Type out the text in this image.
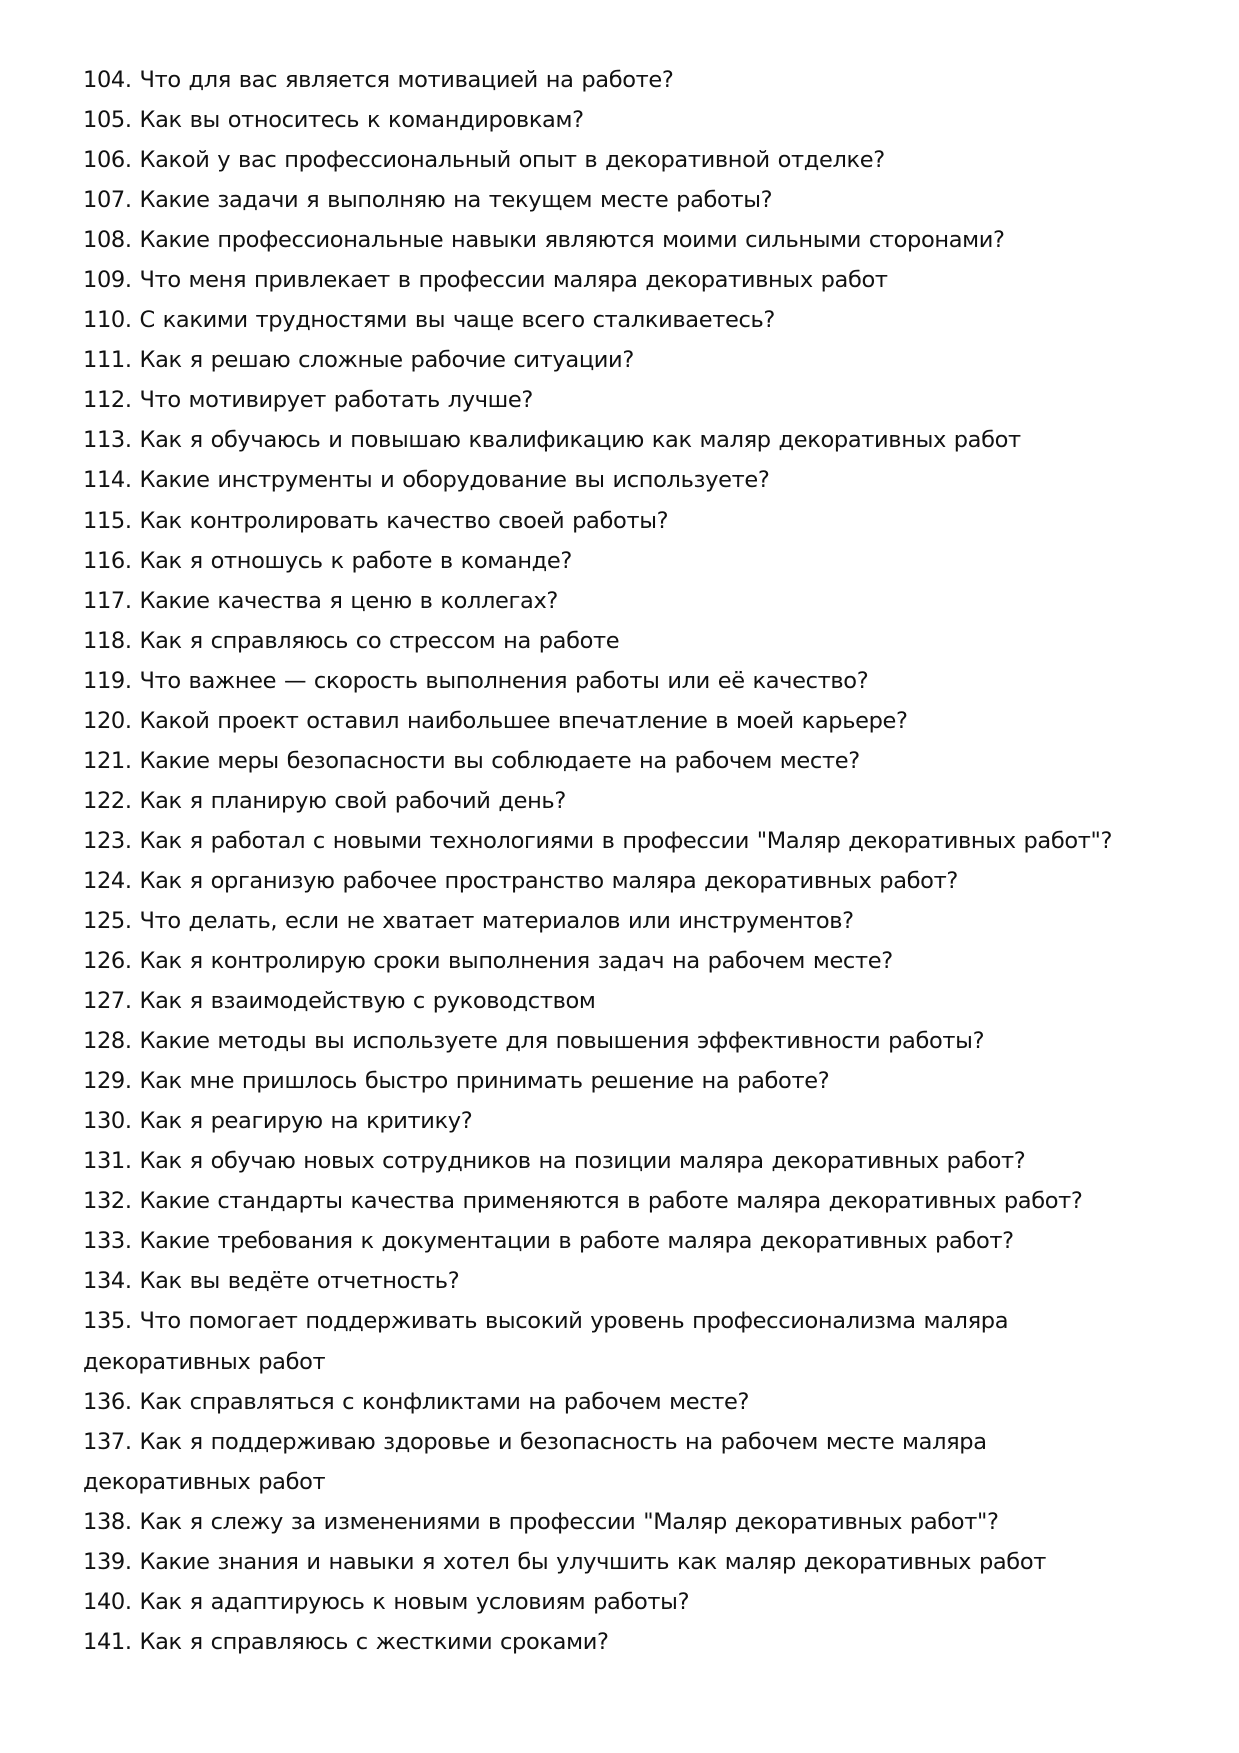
104. Что для вас является мотивацией на работе?
105. Как вы относитесь к командировкам?
106. Какой у вас профессиональный опыт в декоративной отделке?
107. Какие задачи я выполняю на текущем месте работы?
108. Какие профессиональные навыки являются моими сильными сторонами?
109. Что меня привлекает в профессии маляра декоративных работ
110. С какими трудностями вы чаще всего сталкиваетесь?
111. Как я решаю сложные рабочие ситуации?
112. Что мотивирует работать лучше?
113. Как я обучаюсь и повышаю квалификацию как маляр декоративных работ
114. Какие инструменты и оборудование вы используете?
115. Как контролировать качество своей работы?
116. Как я отношусь к работе в команде?
117. Какие качества я ценю в коллегах?
118. Как я справляюсь со стрессом на работе
119. Что важнее — скорость выполнения работы или её качество?
120. Какой проект оставил наибольшее впечатление в моей карьере?
121. Какие меры безопасности вы соблюдаете на рабочем месте?
122. Как я планирую свой рабочий день?
123. Как я работал с новыми технологиями в профессии "Маляр декоративных работ"?
124. Как я организую рабочее пространство маляра декоративных работ?
125. Что делать, если не хватает материалов или инструментов?
126. Как я контролирую сроки выполнения задач на рабочем месте?
127. Как я взаимодействую с руководством
128. Какие методы вы используете для повышения эффективности работы?
129. Как мне пришлось быстро принимать решение на работе?
130. Как я реагирую на критику?
131. Как я обучаю новых сотрудников на позиции маляра декоративных работ?
132. Какие стандарты качества применяются в работе маляра декоративных работ?
133. Какие требования к документации в работе маляра декоративных работ?
134. Как вы ведёте отчетность?
135. Что помогает поддерживать высокий уровень профессионализма маляра декоративных работ
136. Как справляться с конфликтами на рабочем месте?
137. Как я поддерживаю здоровье и безопасность на рабочем месте маляра декоративных работ
138. Как я слежу за изменениями в профессии "Маляр декоративных работ"?
139. Какие знания и навыки я хотел бы улучшить как маляр декоративных работ
140. Как я адаптируюсь к новым условиям работы?
141. Как я справляюсь с жесткими сроками?
